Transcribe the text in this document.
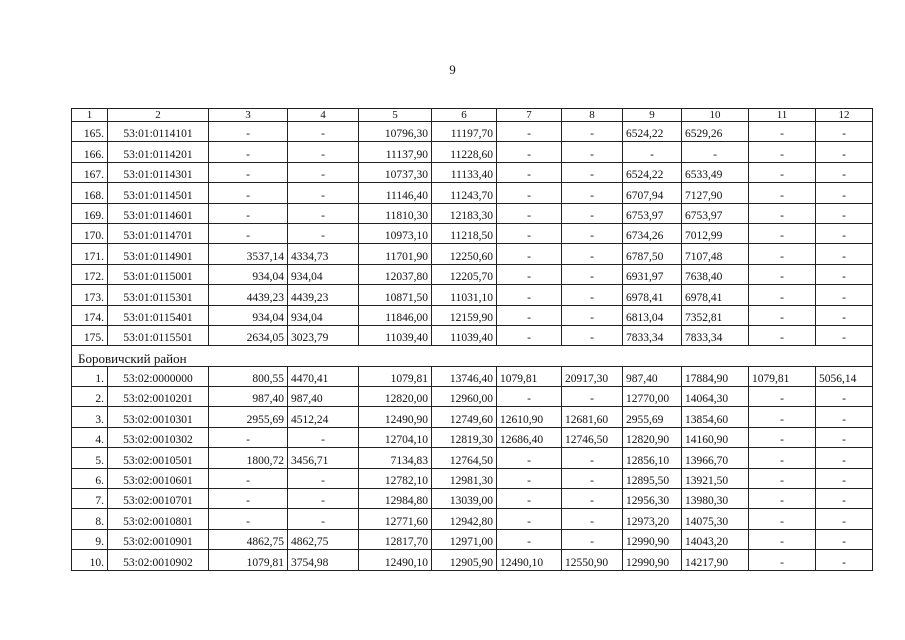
9
1	2	3	4	5	6	7	8	9	10	11	12
165.	53:01:0114101	-	-	10796,30	11197,70	-	-	6524,22	6529,26	-	-
166.	53:01:0114201	-	-	11137,90	11228,60	-	-	-	-	-	-
167.	53:01:0114301	-	-	10737,30	11133,40	-	-	6524,22	6533,49	-	-
168.	53:01:0114501	-	-	11146,40	11243,70	-	-	6707,94	7127,90	-	-
169.	53:01:0114601	-	-	11810,30	12183,30	-	-	6753,97	6753,97	-	-
170.	53:01:0114701	-	-	10973,10	11218,50	-	-	6734,26	7012,99	-	-
171.	53:01:0114901	3537,14	4334,73	11701,90	12250,60	-	-	6787,50	7107,48	-	-
172.	53:01:0115001	934,04	934,04	12037,80	12205,70	-	-	6931,97	7638,40	-	-
173.	53:01:0115301	4439,23	4439,23	10871,50	11031,10	-	-	6978,41	6978,41	-	-
174.	53:01:0115401	934,04	934,04	11846,00	12159,90	-	-	6813,04	7352,81	-	-
175.	53:01:0115501	2634,05	3023,79	11039,40	11039,40	-	-	7833,34	7833,34	-	-
Боровичский район											
1.	53:02:0000000	800,55	4470,41	1079,81	13746,40	1079,81	20917,30	987,40	17884,90	1079,81	5056,14
2.	53:02:0010201	987,40	987,40	12820,00	12960,00	-	-	12770,00	14064,30	-	-
3.	53:02:0010301	2955,69	4512,24	12490,90	12749,60	12610,90	12681,60	2955,69	13854,60	-	-
4.	53:02:0010302	-	-	12704,10	12819,30	12686,40	12746,50	12820,90	14160,90	-	-
5.	53:02:0010501	1800,72	3456,71	7134,83	12764,50	-	-	12856,10	13966,70	-	-
6.	53:02:0010601	-	-	12782,10	12981,30	-	-	12895,50	13921,50	-	-
7.	53:02:0010701	-	-	12984,80	13039,00	-	-	12956,30	13980,30	-	-
8.	53:02:0010801	-	-	12771,60	12942,80	-	-	12973,20	14075,30	-	-
9.	53:02:0010901	4862,75	4862,75	12817,70	12971,00	-	-	12990,90	14043,20	-	-
10.	53:02:0010902	1079,81	3754,98	12490,10	12905,90	12490,10	12550,90	12990,90	14217,90	-	-
